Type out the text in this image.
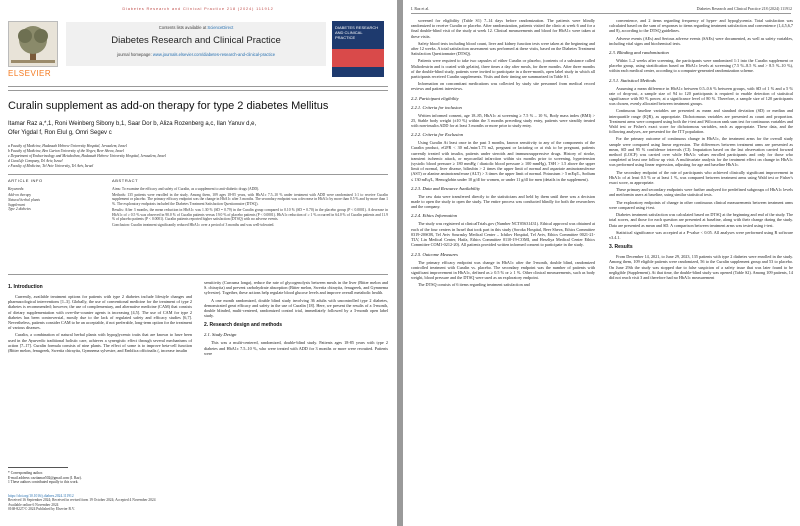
Diabetes Research and Clinical Practice 218 (2024) 111912
ELSEVIER
Contents lists available at ScienceDirect
Diabetes Research and Clinical Practice
journal homepage: www.journals.elsevier.com/diabetes-research-and-clinical-practice
DIABETES RESEARCH AND CLINICAL PRACTICE
Curalin supplement as add-on therapy for type 2 diabetes Mellitus
Itamar Raz a,*,1, Roni Weinberg Sibony b,1, Saar Dor b, Aliza Rozenberg a,c, Ilan Yanuv d,e,
Ofer Yigdal f, Ron Elul g, Omri Segev c
a Faculty of Medicine, Hadassah Hebrew University Hospital, Jerusalem, Israel
b Faculty of Medicine, Ben Gurion University of the Negev, Beer Sheva, Israel
c Department of Endocrinology and Metabolism, Hadassah Hebrew University Hospital, Jerusalem, Israel
d CuraLife Company, Tel Aviv, Israel
e Faculty of Medicine, Tel Aviv University, Tel Aviv, Israel
ARTICLE INFO
Keywords:
Add-on therapy
Natural herbal plants
Supplement
Type 2 diabetes
ABSTRACT

Aims: To examine the efficacy and safety of Curalin, as a supplement to anti-diabetic drugs (ADD).

Methods: 135 patients were enrolled in the study. Among them, 109 ages 18-85 years, with HbA1c 7.5–10 % under treatment with ADD were randomized 1:1 to receive Curalin supplement or placebo. The primary efficacy endpoint was the change in HbA1c after 3 months. The secondary endpoint was a decrease in HbA1c by more than 0.5 % and by more than 1 %. The exploratory endpoints included the Diabetes Treatment Satisfaction Questionnaire (DTSQ).

Results: After 3 months, the mean reduction in HbA1c was 1.30 % (SD = 0.79) in the Curalin group compared to 0.10 % (SD = 0.70) in the placebo group (P < 0.0001). A decrease in HbA1c of ≥ 0.5 % was observed in 90.0 % of Curalin patients versus 19.0 % of placebo patients (P < 0.0001). HbA1c reduction of ≥ 1 % occurred in 64.0 % of Curalin patients and 11.9 % of placebo patients (P < 0.0001). Curalin patients reported higher satisfaction (DTSQ) with no adverse events.

Conclusion: Curalin treatment significantly reduced HbA1c over a period of 3 months and was well-tolerated.

1. Introduction

Currently, available treatment options for patients with type 2 diabetes include lifestyle changes and pharmacological interventions [1–3]. Globally, the use of conventional medicine for the treatment of type 2 diabetes is recommended; however, the use of complementary, and alternative medicine (CAM) that consists of dietary supplementation with over-the-counter agents is increasing [4,5]. The use of CAM for type 2 diabetes has been controversial, mostly due to the lack of regulated safety and efficacy studies [6,7]. Nevertheless, patients consider CAM to be an acceptable, if not preferable, long-term option for the treatment of various diseases.

Curalin, a combination of natural herbal plants with hypoglycemic traits that are known to have been used in the Ayurvedic traditional holistic care, achieves a synergistic effect through several mechanisms of action [7–17]. Curalin formula consists of nine plants. The effect of some is to improve beta-cell function (Bitter melon, fenugreek, Swertia chirayita, Gymnema sylvestre, and Emblica officinalis (, increase insulin

sensitivity (Curcuma longa), reduce the rate of glycogenolysis between meals in the liver (Bitter melon and S. chirayita) and prevent carbohydrate absorption (Bitter melon, Swertia chirayita, fenugreek, and Gymnema sylvestre). Together, these actions help regulate blood glucose levels and improve overall metabolic health.

A one month randomized, double blind study involving 36 adults with uncontrolled type 2 diabetes, demonstrated great efficacy and safety in the use of Curalin [18]. Here, we present the results of a 3-month, double blinded, multi-centered, randomized control trial, immediately followed by a 3-month open label study.

2. Research design and methods
2.1. Study Design

This was a multi-centered, randomized, double-blind study. Patients ages 18-85 years with type 2 diabetes and HbA1c 7.5–10 %, who were treated with ADD for 3 months or more were recruited. Patients were

* Corresponding author.
E-mail address: razitamar502@gmail.com (I. Raz).
1 These authors contributed equally to this work.
https://doi.org/10.1016/j.diabres.2024.111912
Received 16 September 2024; Received in revised form 19 October 2024; Accepted 4 November 2024
Available online 6 November 2024
0168-8227/© 2024 Published by Elsevier B.V.
I. Raz et al.	Diabetes Research and Clinical Practice 218 (2024) 111912

screened for eligibility (Table S1) 7–14 days before randomization. The patients were blindly randomized to receive Curalin or placebo. After randomization, patients visited the clinic at week 6 and for a final double-blind visit of the study at week 12. Clinical measurements and blood for HbA1c were taken at these visits.

Safety blood tests including blood count, liver and kidney function tests were taken at the beginning and after 12 weeks. A total satisfaction assessment was performed at these visits, based on the Diabetes Treatment Satisfaction Questionnaire (DTSQ).

Patients were required to take two capsules of either Curalin or placebo, (contents of a substance called Maltodextrin and is coated with gelatin), three times a day after meals, for three months. After three months of the double-blind study, patients were invited to participate in a three-month, open label study in which all participants received Curalin supplements. Visits and their timing are summarized in Table S1.

Information on concomitant medications was collected by study site personnel from medical record reviews and patient interviews.

2.2. Participant eligibility
2.2.1. Criteria for inclusion

Written informed consent, age 18–85, HbA1c at screening ≥ 7.5 % – 10 %, Body mass index (BMI) > 25, Stable body weight (±10 %) within the 3 months preceding study entry, patients were steadily treated with non-insulin ADD for at least 3 months or more prior to study entry.

2.2.2. Criteria for Exclusion

Using Curalin At least once in the past 3 months, known sensitivity to any of the components of the Curalin product, eGFR < 30 mL/min/1.73 m2, pregnant or lactating or at risk to be pregnant, patients currently treated with insulin, patients under steroids and immunosuppressive drugs. History of stroke, transient ischemic attack, or myocardial infarction within six months prior to screening, hypertension (systolic blood pressure ≥ 180 mmHg / diastolic blood pressure ≥ 100 mmHg), TSH > 1.5 above the upper limit of normal, liver disease, bilirubin > 2 times the upper limit of normal and aspartate aminotransferase (AST) or alanine aminotransferase (ALT) > 3 times the upper limit of normal. Potassium > 5 mEq/L, Sodium ≤ 130 mEq/L, Hemoglobin under 10 g/dl for women, or under 11 g/dl for men (details in the supplement).

2.2.3. Data and Resource Availability

The raw data were transferred directly to the statisticians and held by them until there was a decision made to open the study to open the study. The entire process was conducted blindly for both the researchers and the company.

2.2.4. Ethics Information

The study was registered at clinicalTrials.gov (Number NCT05631431). Ethical approval was obtained at each of the four centers in Israel that took part in this study (Soroka Hospital, Beer Sheva, Ethics Committee 0319-20SOR, Tel Aviv Sourasky Medical Center – Ichilov Hospital, Tel Aviv, Ethics Committee 0021-21-TLV, Lin Medical Center, Haifa, Ethics Committee 0110-19-COMI, and Herzliya Medical Center Ethics Committee COM1-0212-20). All patients provided written informed consent to participate in the study.

2.2.5. Outcome Measures

The primary efficacy endpoint was change in HbA1c after the 3-month, double blind, randomized controlled treatment with Curalin vs. placebo. The secondary endpoint was the number of patients with significant improvement in HbA1c, defined as ≥ 0.5 % or ≥ 1 %. Other clinical measurements, such as body weight, blood pressure and the DTSQ were used as an exploratory endpoint.

The DTSQ consists of 6 items regarding treatment satisfaction and

convenience, and 2 items regarding frequency of hyper- and hypoglycemia. Total satisfaction was calculated based on the sum of responses to items regarding treatment satisfaction and convenience (1,4,5,6,7 and 8), according to the DTSQ guidelines.

Adverse events (AEs) and Serious adverse events (SAEs) were documented, as well as safety variables, including vital signs and biochemical tests.

2.3. Blinding and randomization

Within 1–2 weeks after screening, the participants were randomized 1:1 into the Curalin supplement or placebo group, using stratification based on HbA1c levels at screening (7.5 %–8.5 % and > 8.5 %–10 %), within each medical center, according to a computer-generated randomization scheme.

2.3.1. Statistical Methods

Assuming a mean difference in HbA1c between 0.5–0.6 % between groups, with SD of 1 % and a 5 % rate of drop-out, a sample size of 94 to 120 participants is required to enable detection of statistical significance with 80 % power, at a significance level of 80 %. Therefore, a sample size of 120 participants was chosen, evenly allocated between treatment groups.

Continuous baseline variables are presented as mean and standard deviation (SD) or median and interquartile range (IQR), as appropriate. Dichotomous variables are presented as count and proportion. Treatment arms were compared using both the t-test and Wilcoxon rank sum test for continuous variables and Wald test or Fisher's exact score for dichotomous variables, each as appropriate. These data, and the following analyses, are presented for the ITT population.

For the primary outcome of continuous change in HbA1c, the treatment arms for the overall study sample were compared using linear regression. The differences between treatment arms are presented as mean, SD and 95 % confidence intervals (CI). Imputation based on the last observation carried forward method (LOCF) was carried over while HbA1c values enrolled participants and only for those who completed at least one follow up visit. A multivariate analysis for the treatment effect on change in HbA1c was performed using linear regression, adjusting for age and baseline HbA1c.

The secondary endpoint of the rate of participants who achieved clinically significant improvement in HbA1c of at least 0.5 % or at least 1 %, was compared between treatment arms using Wald test or Fisher's exact score, as appropriate.

These primary and secondary endpoints were further analyzed for predefined subgroups of HbA1c levels and metformin users at baseline, using similar statistical tests.

The exploratory endpoints of change in other continuous clinical measurements between treatment arms were compared using t-test.

Diabetes treatment satisfaction was calculated based on DTSQ at the beginning and end of the study. The total scores, and those for each question are presented at baseline, along with their change during the study. Data are presented as mean and SD. A comparison between treatment arms was tested using t-test.

Statistical significance was accepted at a P-value < 0.05. All analyses were performed using R software v3.4.1.

3. Results

From December 14, 2021, to June 29, 2023, 135 patients with type 2 diabetes were enrolled in the study. Among them, 109 eligible patients were randomized, 56 to the Curalin supplement group and 53 to placebo. On June 29th the study was stopped due to false suspicion of a safety issue that was later found to be negligible (Supplement). At that time, the double-blind study was opened (Table S2). Among 109 patients, 14 did not reach visit 3 and therefore had no HbA1c measurement
